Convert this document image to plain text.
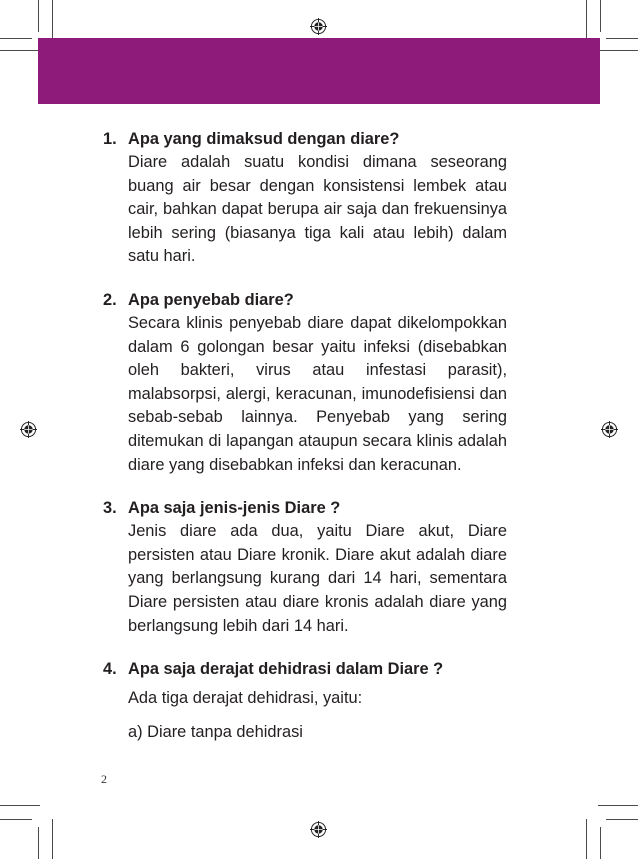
1. Apa yang dimaksud dengan diare?

Diare adalah suatu kondisi dimana seseorang buang air besar dengan konsistensi lembek atau cair, bahkan dapat berupa air saja dan frekuensinya lebih sering (biasanya tiga kali atau lebih) dalam satu hari.

2. Apa penyebab diare?

Secara klinis penyebab diare dapat dikelompokkan dalam 6 golongan besar yaitu infeksi (disebabkan oleh bakteri, virus atau infestasi parasit), malabsorpsi, alergi, keracunan, imunodefisiensi dan sebab-sebab lainnya. Penyebab yang sering ditemukan di lapangan ataupun secara klinis adalah diare yang disebabkan infeksi dan keracunan.

3. Apa saja jenis-jenis Diare ?

Jenis diare ada dua, yaitu Diare akut, Diare persisten atau Diare kronik. Diare akut adalah diare yang berlangsung kurang dari 14 hari, sementara Diare persisten atau diare kronis adalah diare yang berlangsung lebih dari 14 hari.

4. Apa saja derajat dehidrasi dalam Diare ?

Ada tiga derajat dehidrasi, yaitu:

a) Diare tanpa dehidrasi

2
